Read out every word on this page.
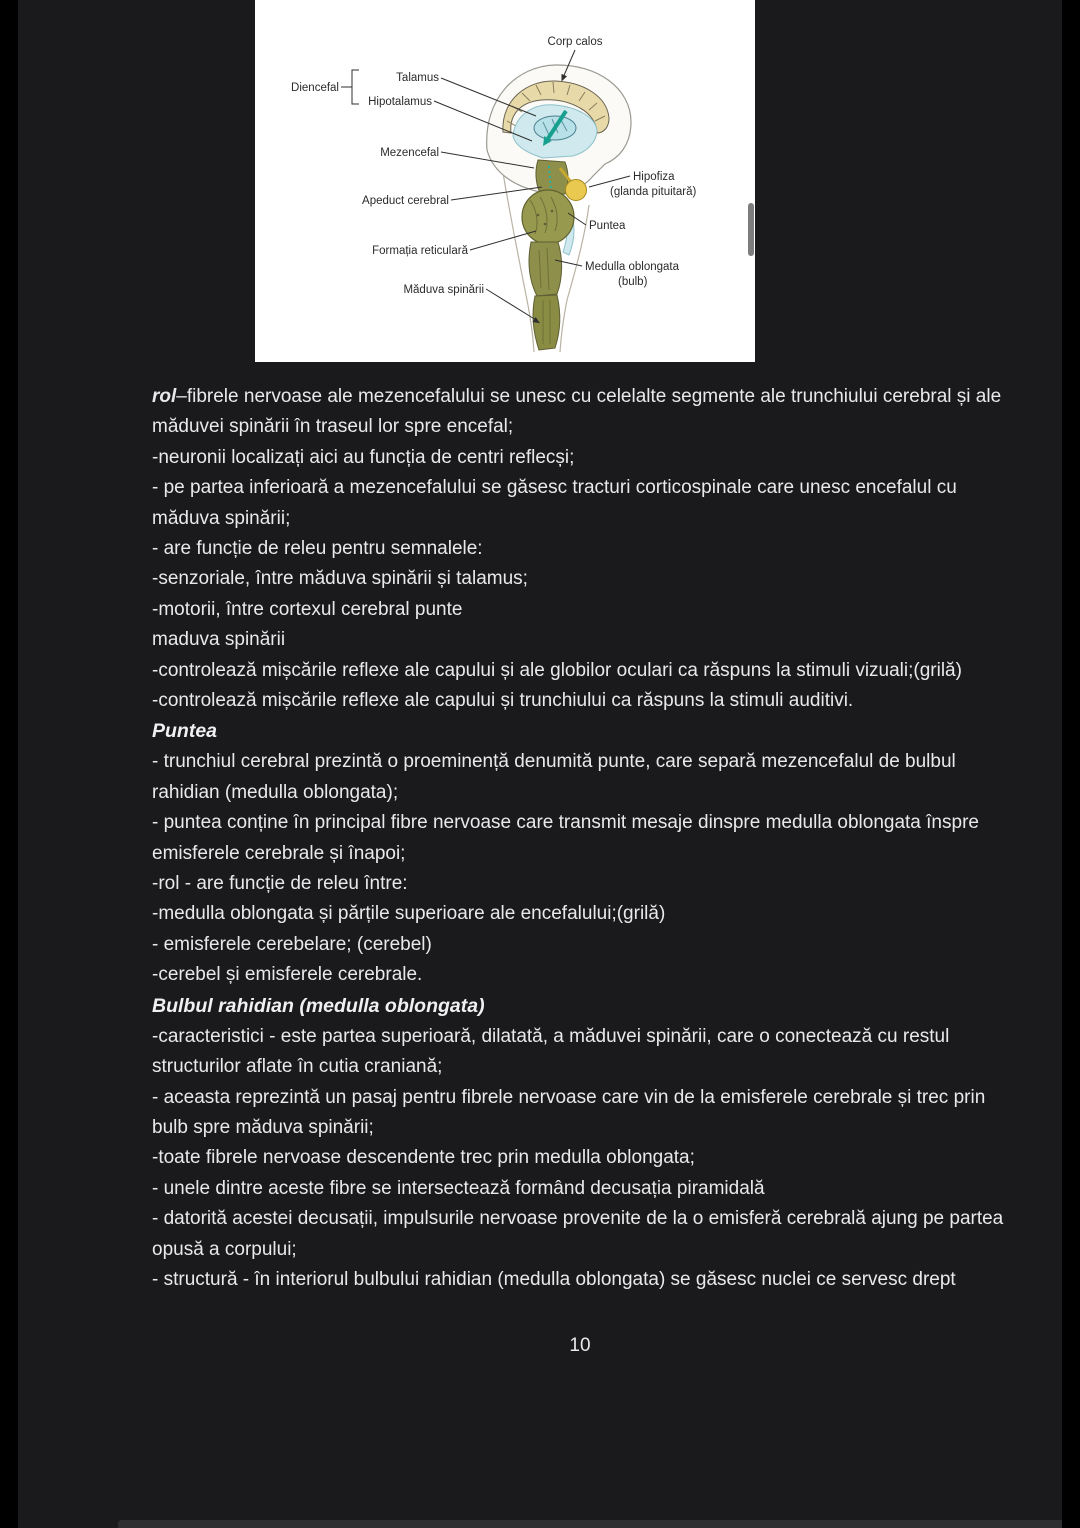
Corp calos
Diencefal
Talamus
Hipotalamus
Mezencefal
Hipofiza
(glanda pituitară)
Apeduct cerebral
Puntea
Formația reticulară
Medulla oblongata
(bulb)
Măduva spinării

rol–fibrele nervoase ale mezencefalului se unesc cu celelalte segmente ale trunchiului cerebral și ale măduvei spinării în traseul lor spre encefal;

-neuronii localizați aici au funcția de centri reflecși;

- pe partea inferioară a mezencefalului se găsesc tracturi corticospinale care unesc encefalul cu măduva spinării;

- are funcție de releu pentru semnalele:

-senzoriale, între măduva spinării și talamus;

-motorii, între cortexul cerebral punte

maduva spinării

-controlează mișcările reflexe ale capului și ale globilor oculari ca răspuns la stimuli vizuali;(grilă)

-controlează mișcările reflexe ale capului și trunchiului ca răspuns la stimuli auditivi.

Puntea

- trunchiul cerebral prezintă o proeminență denumită punte, care separă mezencefalul de bulbul rahidian (medulla oblongata);

- puntea conține în principal fibre nervoase care transmit mesaje dinspre medulla oblongata înspre emisferele cerebrale și înapoi;

-rol - are funcție de releu între:

-medulla oblongata și părțile superioare ale encefalului;(grilă)

- emisferele cerebelare; (cerebel)

-cerebel și emisferele cerebrale.

Bulbul rahidian (medulla oblongata)

-caracteristici - este partea superioară, dilatată, a măduvei spinării, care o conectează cu restul structurilor aflate în cutia craniană;

- aceasta reprezintă un pasaj pentru fibrele nervoase care vin de la emisferele cerebrale și trec prin bulb spre măduva spinării;

-toate fibrele nervoase descendente trec prin medulla oblongata;

- unele dintre aceste fibre se intersectează formând decusația piramidală

- datorită acestei decusații, impulsurile nervoase provenite de la o emisferă cerebrală ajung pe partea opusă a corpului;

- structură - în interiorul bulbului rahidian (medulla oblongata) se găsesc nuclei ce servesc drept

10
